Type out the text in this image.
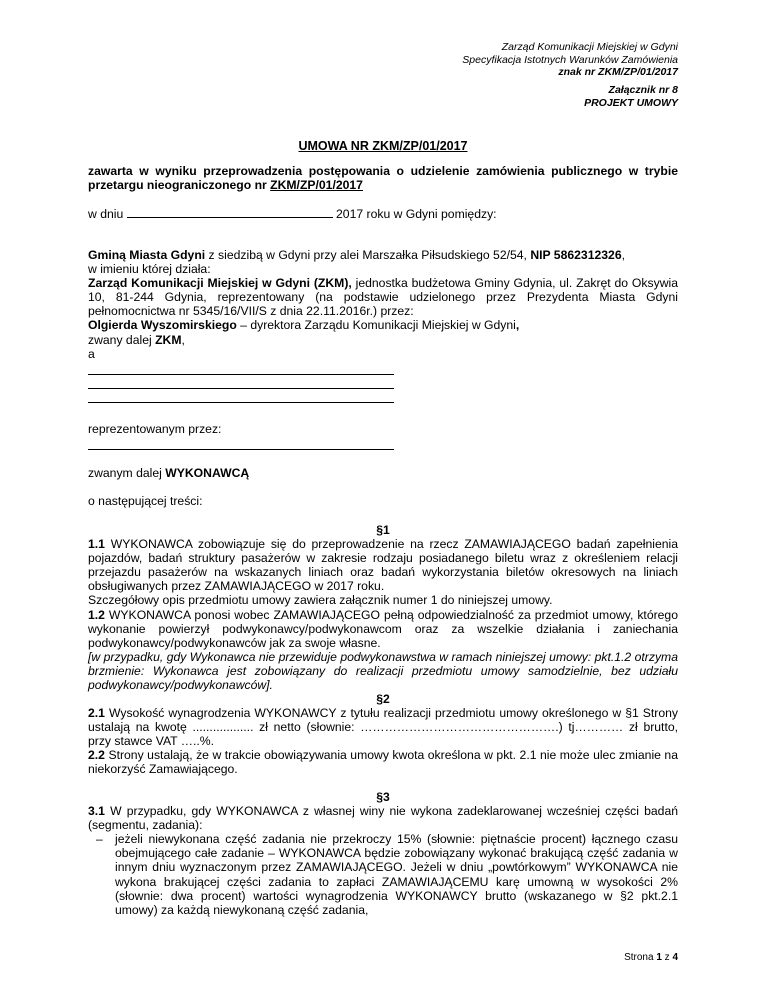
Zarząd Komunikacji Miejskiej w Gdyni
Specyfikacja Istotnych Warunków Zamówienia
znak nr ZKM/ZP/01/2017
Załącznik nr 8
PROJEKT UMOWY
UMOWA NR ZKM/ZP/01/2017

zawarta w wyniku przeprowadzenia postępowania o udzielenie zamówienia publicznego w trybie przetargu nieograniczonego nr ZKM/ZP/01/2017

w dniu	2017 roku w Gdyni pomiędzy:

Gminą Miasta Gdyni z siedzibą w Gdyni przy alei Marszałka Piłsudskiego 52/54, NIP 5862312326,

w imieniu której działa:

Zarząd Komunikacji Miejskiej w Gdyni (ZKM), jednostka budżetowa Gminy Gdynia, ul. Zakręt do Oksywia 10, 81-244 Gdynia, reprezentowany (na podstawie udzielonego przez Prezydenta Miasta Gdyni pełnomocnictwa nr 5345/16/VII/S z dnia 22.11.2016r.) przez:

Olgierda Wyszomirskiego – dyrektora Zarządu Komunikacji Miejskiej w Gdyni,

zwany dalej ZKM,

a

reprezentowanym przez:

zwanym dalej WYKONAWCĄ

o następującej treści:

§1

1.1 WYKONAWCA zobowiązuje się do przeprowadzenie na rzecz ZAMAWIAJĄCEGO badań zapełnienia pojazdów, badań struktury pasażerów w zakresie rodzaju posiadanego biletu wraz z określeniem relacji przejazdu pasażerów na wskazanych liniach oraz badań wykorzystania biletów okresowych na liniach obsługiwanych przez ZAMAWIAJĄCEGO w 2017 roku.

Szczegółowy opis przedmiotu umowy zawiera załącznik numer 1 do niniejszej umowy.

1.2 WYKONAWCA ponosi wobec ZAMAWIAJĄCEGO pełną odpowiedzialność za przedmiot umowy, którego wykonanie powierzył podwykonawcy/podwykonawcom oraz za wszelkie działania i zaniechania podwykonawcy/podwykonawców jak za swoje własne.

[w przypadku, gdy Wykonawca nie przewiduje podwykonawstwa w ramach niniejszej umowy: pkt.1.2 otrzyma brzmienie: Wykonawca jest zobowiązany do realizacji przedmiotu umowy samodzielnie, bez udziału podwykonawcy/podwykonawców].

§2

2.1 Wysokość wynagrodzenia WYKONAWCY z tytułu realizacji przedmiotu umowy określonego w §1 Strony ustalają na kwotę .................. zł netto (słownie: ………………………………………….) tj………… zł brutto, przy stawce VAT …..%.

2.2 Strony ustalają, że w trakcie obowiązywania umowy kwota określona w pkt. 2.1 nie może ulec zmianie na niekorzyść Zamawiającego.

§3

3.1 W przypadku, gdy WYKONAWCA z własnej winy nie wykona zadeklarowanej wcześniej części badań (segmentu, zadania):

– jeżeli niewykonana część zadania nie przekroczy 15% (słownie: piętnaście procent) łącznego czasu obejmującego całe zadanie – WYKONAWCA będzie zobowiązany wykonać brakującą część zadania w innym dniu wyznaczonym przez ZAMAWIAJĄCEGO. Jeżeli w dniu „powtórkowym” WYKONAWCA nie wykona brakującej części zadania to zapłaci ZAMAWIAJĄCEMU karę umowną w wysokości 2% (słownie: dwa procent) wartości wynagrodzenia WYKONAWCY brutto (wskazanego w §2 pkt.2.1 umowy) za każdą niewykonaną część zadania,

Strona 1 z 4
